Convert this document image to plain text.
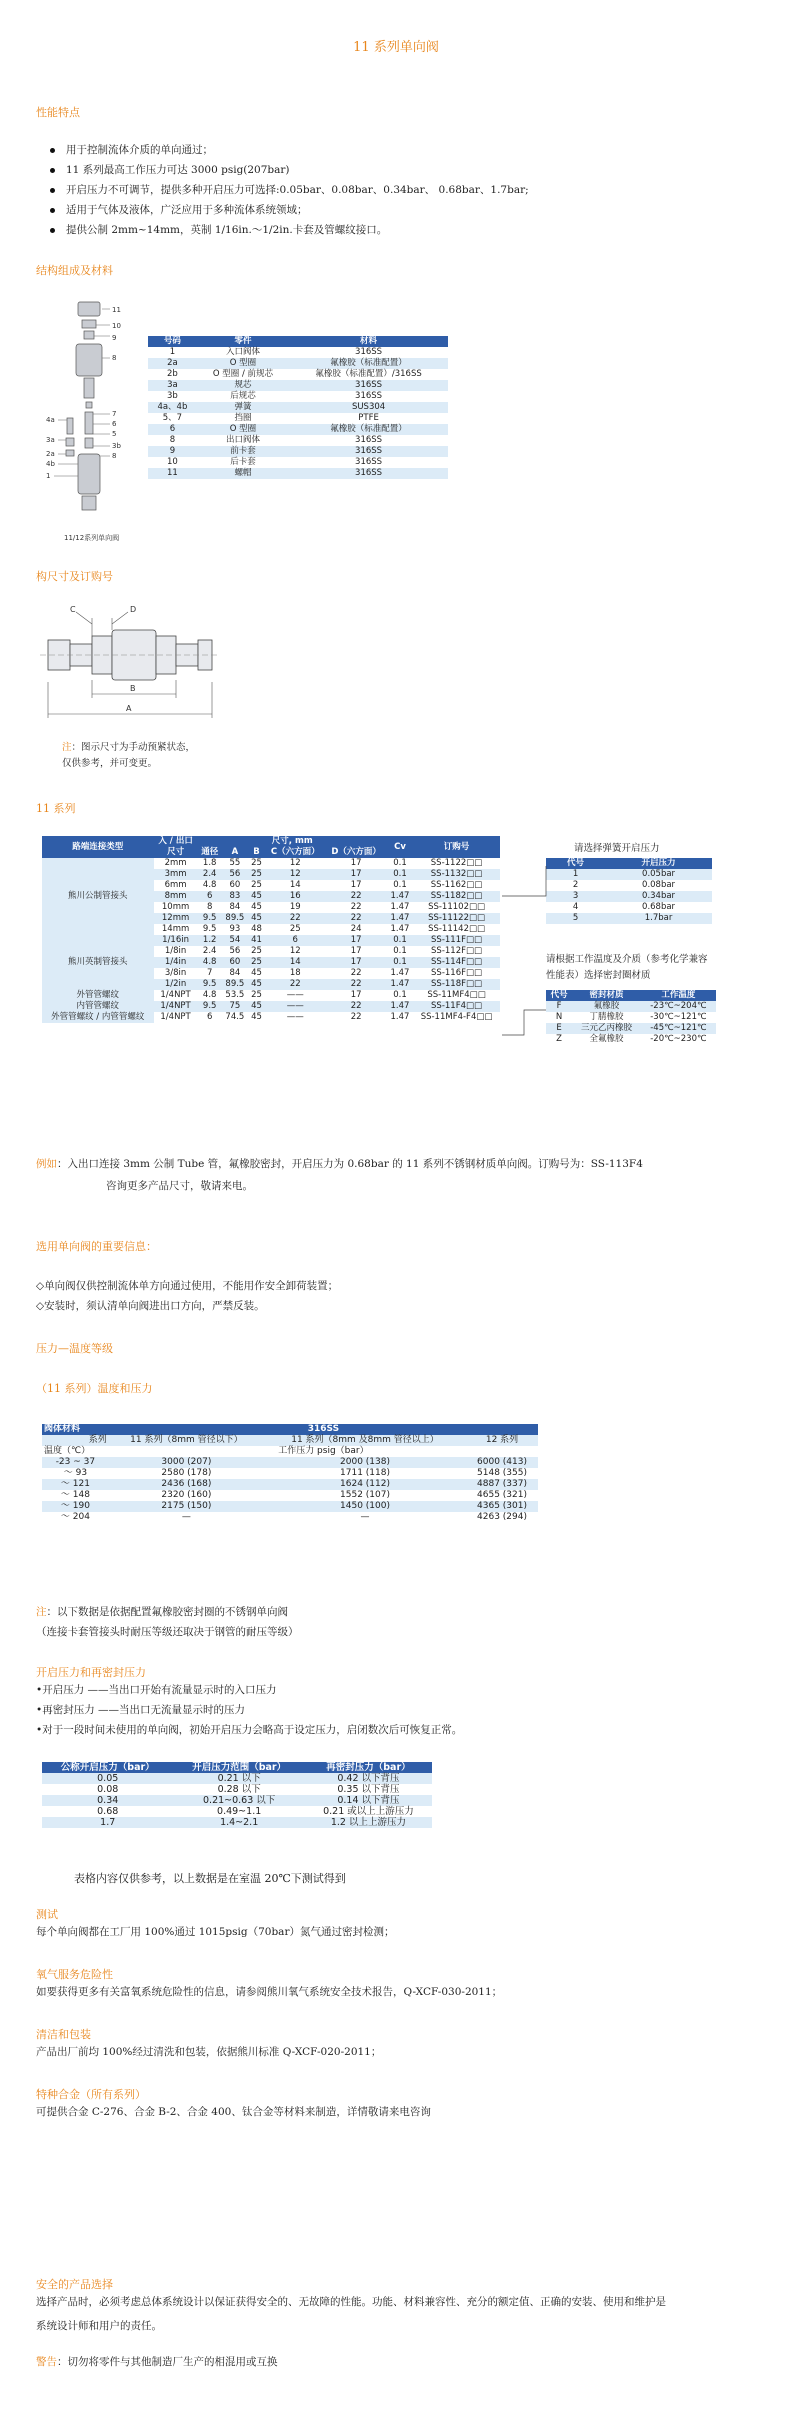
11 系列单向阀
性能特点
用于控制流体介质的单向通过；
11 系列最高工作压力可达 3000 psig(207bar)
开启压力不可调节，提供多种开启压力可选择:0.05bar、0.08bar、0.34bar、 0.68bar、1.7bar;
适用于气体及液体，广泛应用于多种流体系统领域；
提供公制 2mm~14mm，英制 1/16in.～1/2in.卡套及管螺纹接口。
结构组成及材料
11
10
9
8
7
6
5
3b
8
4a
3a
2a
4b
1
11/12系列单向阀
号码	零件	材料
1	入口阀体	316SS
2a	O 型圈	氟橡胶（标准配置）
2b	O 型圈 / 前规芯	氟橡胶（标准配置）/316SS
3a	规芯	316SS
3b	后规芯	316SS
4a、4b	弹簧	SUS304
5、7	挡圈	PTFE
6	O 型圈	氟橡胶（标准配置）
8	出口阀体	316SS
9	前卡套	316SS
10	后卡套	316SS
11	螺帽	316SS
构尺寸及订购号
C	D
B
A
注：图示尺寸为手动预紧状态，仅供参考，并可变更。
11 系列
路端连接类型	入 / 出口	尺寸, mm					Cv	订购号
	尺寸	通径	A	B	C（六方面）	D（六方面）		
熊川公制管接头	2mm	1.8	55	25	12	17	0.1	SS-1122□□
	3mm	2.4	56	25	12	17	0.1	SS-1132□□
	6mm	4.8	60	25	14	17	0.1	SS-1162□□
	8mm	6	83	45	16	22	1.47	SS-1182□□
	10mm	8	84	45	19	22	1.47	SS-11102□□
	12mm	9.5	89.5	45	22	22	1.47	SS-11122□□
	14mm	9.5	93	48	25	24	1.47	SS-11142□□
熊川英制管接头	1/16in	1.2	54	41	6	17	0.1	SS-111F□□
	1/8in	2.4	56	25	12	17	0.1	SS-112F□□
	1/4in	4.8	60	25	14	17	0.1	SS-114F□□
	3/8in	7	84	45	18	22	1.47	SS-116F□□
	1/2in	9.5	89.5	45	22	22	1.47	SS-118F□□
外管管螺纹	1/4NPT	4.8	53.5	25	——	17	0.1	SS-11MF4□□
内管管螺纹	1/4NPT	9.5	75	45	——	22	1.47	SS-11F4□□
外管管螺纹 / 内管管螺纹	1/4NPT	6	74.5	45	——	22	1.47	SS-11MF4-F4□□
请选择弹簧开启压力
代号	开启压力
1	0.05bar
2	0.08bar
3	0.34bar
4	0.68bar
5	1.7bar
请根据工作温度及介质（参考化学兼容性能表）选择密封圈材质
代号	密封材质	工作温度
F	氟橡胶	-23℃~204℃
N	丁腈橡胶	-30℃~121℃
E	三元乙丙橡胶	-45℃~121℃
Z	全氟橡胶	-20℃~230℃
例如：入出口连接 3mm 公制 Tube 管，氟橡胶密封，开启压力为 0.68bar 的 11 系列不锈钢材质单向阀。订购号为：SS-113F4
咨询更多产品尺寸，敬请来电。
选用单向阀的重要信息：
◇单向阀仅供控制流体单方向通过使用，不能用作安全卸荷装置；
◇安装时，须认清单向阀进出口方向，严禁反装。
压力—温度等级
（11 系列）温度和压力
阀体材料	316SS		
系列	11 系列（8mm 管径以下）	11 系列（8mm 及8mm 管径以上）	12 系列
温度（℃）	工作压力 psig（bar）		
-23 ~ 37	3000 (207)	2000 (138)	6000 (413)
～ 93	2580 (178)	1711 (118)	5148 (355)
～ 121	2436 (168)	1624 (112)	4887 (337)
～ 148	2320 (160)	1552 (107)	4655 (321)
～ 190	2175 (150)	1450 (100)	4365 (301)
～ 204	—	—	4263 (294)
注：以下数据是依据配置氟橡胶密封圈的不锈钢单向阀
（连接卡套管接头时耐压等级还取决于钢管的耐压等级）
开启压力和再密封压力
•开启压力 ——当出口开始有流量显示时的入口压力
•再密封压力 ——当出口无流量显示时的压力
•对于一段时间未使用的单向阀，初始开启压力会略高于设定压力，启闭数次后可恢复正常。
公称开启压力（bar）	开启压力范围（bar）	再密封压力（bar）
0.05	0.21 以下	0.42 以下背压
0.08	0.28 以下	0.35 以下背压
0.34	0.21~0.63 以下	0.14 以下背压
0.68	0.49~1.1	0.21 或以上上游压力
1.7	1.4~2.1	1.2 以上上游压力
表格内容仅供参考，以上数据是在室温 20℃下测试得到
测试
每个单向阀都在工厂用 100%通过 1015psig（70bar）氮气通过密封检测；
氧气服务危险性
如要获得更多有关富氧系统危险性的信息，请参阅熊川氧气系统安全技术报告，Q-XCF-030-2011；
清洁和包装
产品出厂前均 100%经过清洗和包装，依据熊川标准 Q-XCF-020-2011；
特种合金（所有系列）
可提供合金 C-276、合金 B-2、合金 400、钛合金等材料来制造，详情敬请来电咨询
安全的产品选择
选择产品时，必须考虑总体系统设计以保证获得安全的、无故障的性能。功能、材料兼容性、充分的额定值、正确的安装、使用和维护是
系统设计师和用户的责任。
警告：切勿将零件与其他制造厂生产的相混用或互换
